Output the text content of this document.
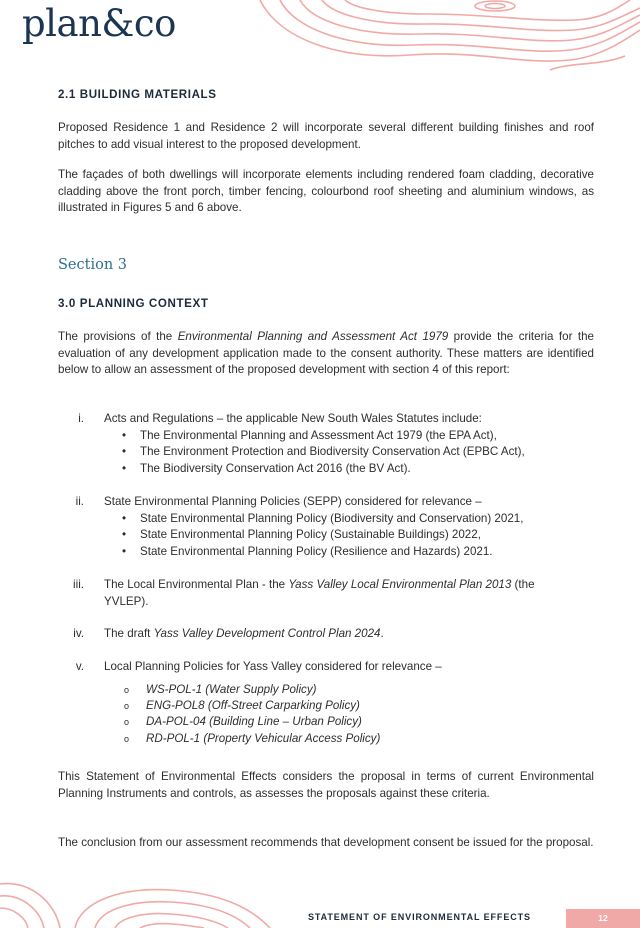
plan&co
2.1 BUILDING MATERIALS
Proposed Residence 1 and Residence 2 will incorporate several different building finishes and roof pitches to add visual interest to the proposed development.
The façades of both dwellings will incorporate elements including rendered foam cladding, decorative cladding above the front porch, timber fencing, colourbond roof sheeting and aluminium windows, as illustrated in Figures 5 and 6 above.
Section 3
3.0 PLANNING CONTEXT
The provisions of the Environmental Planning and Assessment Act 1979 provide the criteria for the evaluation of any development application made to the consent authority. These matters are identified below to allow an assessment of the proposed development with section 4 of this report:
i. Acts and Regulations – the applicable New South Wales Statutes include:
• The Environmental Planning and Assessment Act 1979 (the EPA Act),
• The Environment Protection and Biodiversity Conservation Act (EPBC Act),
• The Biodiversity Conservation Act 2016 (the BV Act).
ii. State Environmental Planning Policies (SEPP) considered for relevance –
• State Environmental Planning Policy (Biodiversity and Conservation) 2021,
• State Environmental Planning Policy (Sustainable Buildings) 2022,
• State Environmental Planning Policy (Resilience and Hazards) 2021.
iii. The Local Environmental Plan - the Yass Valley Local Environmental Plan 2013 (the
YVLEP).
iv. The draft Yass Valley Development Control Plan 2024.
v. Local Planning Policies for Yass Valley considered for relevance –
o WS-POL-1 (Water Supply Policy)
o ENG-POL8 (Off-Street Carparking Policy)
o DA-POL-04 (Building Line – Urban Policy)
o RD-POL-1 (Property Vehicular Access Policy)
This Statement of Environmental Effects considers the proposal in terms of current Environmental Planning Instruments and controls, as assesses the proposals against these criteria.
The conclusion from our assessment recommends that development consent be issued for the proposal.
STATEMENT OF ENVIRONMENTAL EFFECTS	12
